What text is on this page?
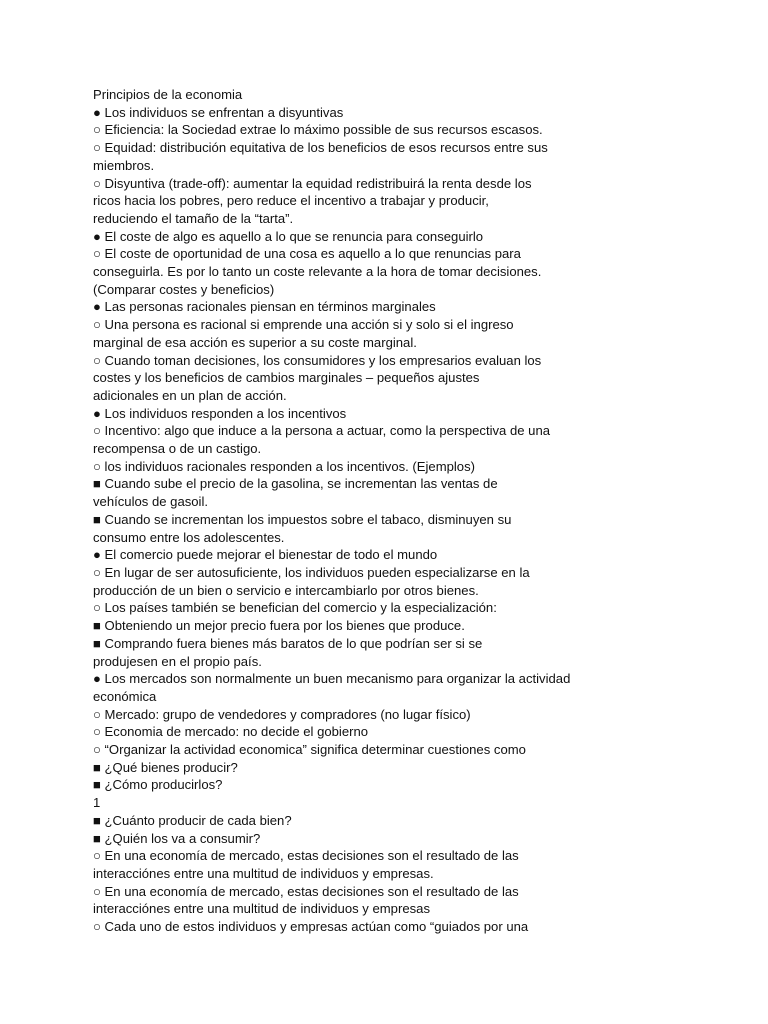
Principios de la economia
● Los individuos se enfrentan a disyuntivas
○ Eficiencia: la Sociedad extrae lo máximo possible de sus recursos escasos.
○ Equidad: distribución equitativa de los beneficios de esos recursos entre sus
miembros.
○ Disyuntiva (trade-off): aumentar la equidad redistribuirá la renta desde los
ricos hacia los pobres, pero reduce el incentivo a trabajar y producir,
reduciendo el tamaño de la “tarta”.
● El coste de algo es aquello a lo que se renuncia para conseguirlo
○ El coste de oportunidad de una cosa es aquello a lo que renuncias para
conseguirla. Es por lo tanto un coste relevante a la hora de tomar decisiones.
(Comparar costes y beneficios)
● Las personas racionales piensan en términos marginales
○ Una persona es racional si emprende una acción si y solo si el ingreso
marginal de esa acción es superior a su coste marginal.
○ Cuando toman decisiones, los consumidores y los empresarios evaluan los
costes y los beneficios de cambios marginales – pequeños ajustes
adicionales en un plan de acción.
● Los individuos responden a los incentivos
○ Incentivo: algo que induce a la persona a actuar, como la perspectiva de una
recompensa o de un castigo.
○ los individuos racionales responden a los incentivos. (Ejemplos)
■ Cuando sube el precio de la gasolina, se incrementan las ventas de
vehículos de gasoil.
■ Cuando se incrementan los impuestos sobre el tabaco, disminuyen su
consumo entre los adolescentes.
● El comercio puede mejorar el bienestar de todo el mundo
○ En lugar de ser autosuficiente, los individuos pueden especializarse en la
producción de un bien o servicio e intercambiarlo por otros bienes.
○ Los países también se benefician del comercio y la especialización:
■ Obteniendo un mejor precio fuera por los bienes que produce.
■ Comprando fuera bienes más baratos de lo que podrían ser si se
produjesen en el propio país.
● Los mercados son normalmente un buen mecanismo para organizar la actividad
económica
○ Mercado: grupo de vendedores y compradores (no lugar físico)
○ Economia de mercado: no decide el gobierno
○ “Organizar la actividad economica” significa determinar cuestiones como
■ ¿Qué bienes producir?
■ ¿Cómo producirlos?
1
■ ¿Cuánto producir de cada bien?
■ ¿Quién los va a consumir?
○ En una economía de mercado, estas decisiones son el resultado de las
interacciónes entre una multitud de individuos y empresas.
○ En una economía de mercado, estas decisiones son el resultado de las
interacciónes entre una multitud de individuos y empresas
○ Cada uno de estos individuos y empresas actúan como “guiados por una
